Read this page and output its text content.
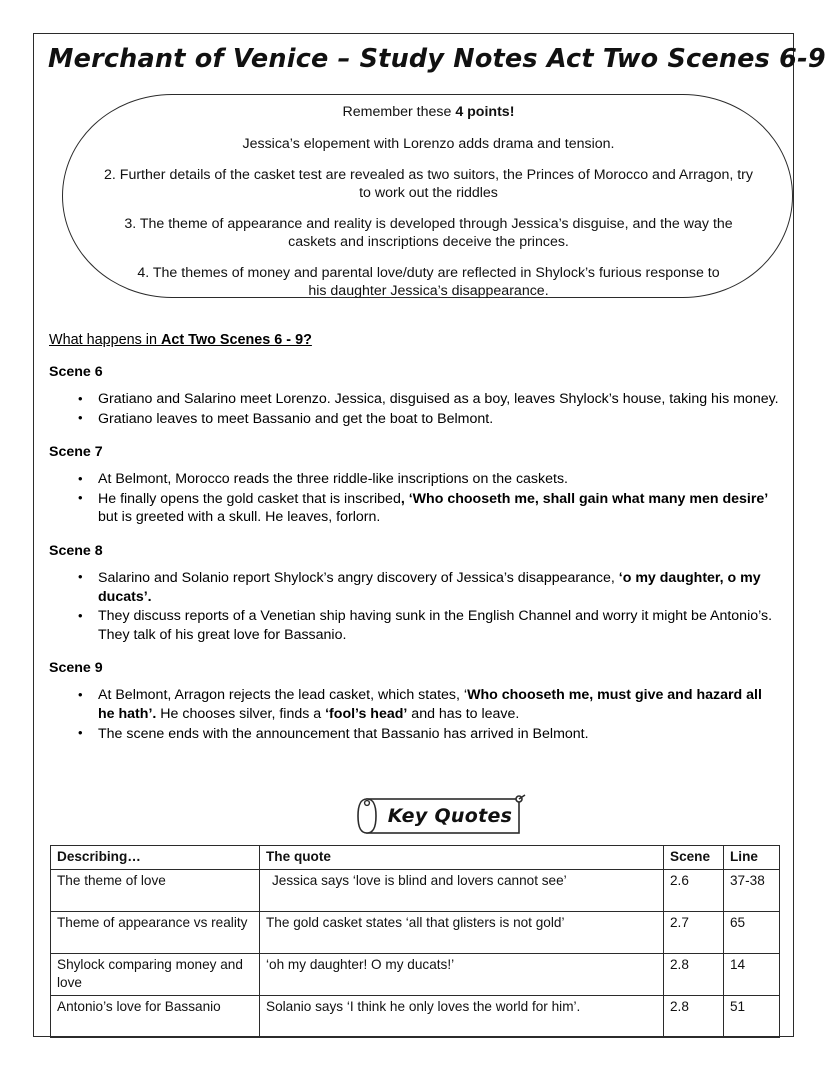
Merchant of Venice – Study Notes Act Two Scenes 6-9
Remember these 4 points!
Jessica’s elopement with Lorenzo adds drama and tension.
2. Further details of the casket test are revealed as two suitors, the Princes of Morocco and Arragon, try to work out the riddles
3. The theme of appearance and reality is developed through Jessica’s disguise, and the way the caskets and inscriptions deceive the princes.
4. The themes of money and parental love/duty are reflected in Shylock’s furious response to his daughter Jessica’s disappearance.
What happens in Act Two Scenes 6 - 9?
Scene 6
• Gratiano and Salarino meet Lorenzo. Jessica, disguised as a boy, leaves Shylock’s house, taking his money.
• Gratiano leaves to meet Bassanio and get the boat to Belmont.
Scene 7
• At Belmont, Morocco reads the three riddle-like inscriptions on the caskets.
• He finally opens the gold casket that is inscribed, ‘Who chooseth me, shall gain what many men desire’ but is greeted with a skull. He leaves, forlorn.
Scene 8
• Salarino and Solanio report Shylock’s angry discovery of Jessica’s disappearance, ‘o my daughter, o my ducats’.
• They discuss reports of a Venetian ship having sunk in the English Channel and worry it might be Antonio’s. They talk of his great love for Bassanio.
Scene 9
• At Belmont, Arragon rejects the lead casket, which states, ‘Who chooseth me, must give and hazard all he hath’. He chooses silver, finds a ‘fool’s head’ and has to leave.
• The scene ends with the announcement that Bassanio has arrived in Belmont.
Key Quotes
Describing…	The quote	Scene	Line
The theme of love	Jessica says ‘love is blind and lovers cannot see’	2.6	37-38
Theme of appearance vs reality	The gold casket states ‘all that glisters is not gold’	2.7	65
Shylock comparing money and love	‘oh my daughter! O my ducats!’	2.8	14
Antonio’s love for Bassanio	Solanio says ‘I think he only loves the world for him’.	2.8	51
